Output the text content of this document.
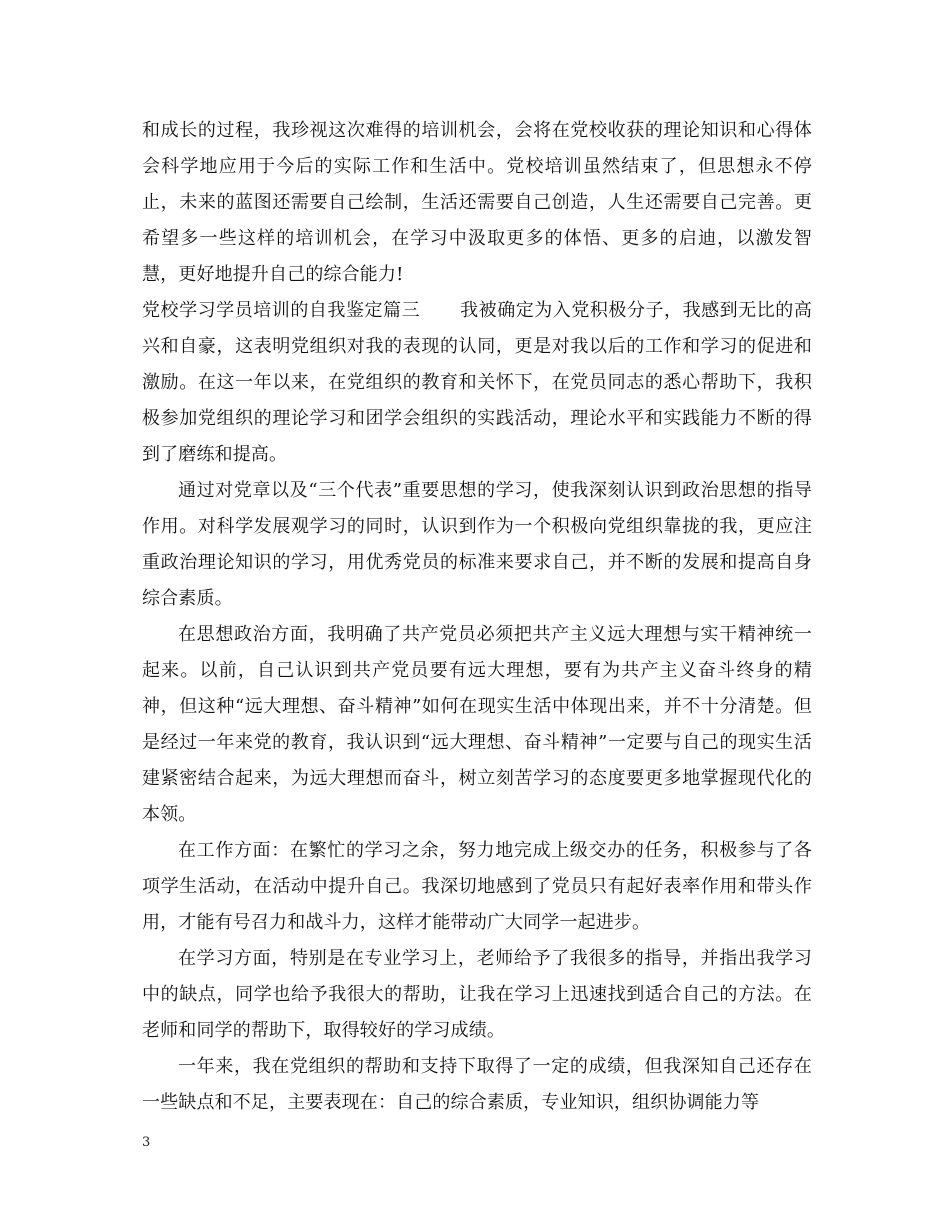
和成长的过程，我珍视这次难得的培训机会，会将在党校收获的理论知识和心得体会科学地应用于今后的实际工作和生活中。党校培训虽然结束了，但思想永不停止，未来的蓝图还需要自己绘制，生活还需要自己创造，人生还需要自己完善。更希望多一些这样的培训机会，在学习中汲取更多的体悟、更多的启迪，以激发智慧，更好地提升自己的综合能力!

党校学习学员培训的自我鉴定篇三 我被确定为入党积极分子，我感到无比的高兴和自豪，这表明党组织对我的表现的认同，更是对我以后的工作和学习的促进和激励。在这一年以来，在党组织的教育和关怀下，在党员同志的悉心帮助下，我积极参加党组织的理论学习和团学会组织的实践活动，理论水平和实践能力不断的得到了磨练和提高。

通过对党章以及“三个代表”重要思想的学习，使我深刻认识到政治思想的指导作用。对科学发展观学习的同时，认识到作为一个积极向党组织靠拢的我，更应注重政治理论知识的学习，用优秀党员的标准来要求自己，并不断的发展和提高自身综合素质。

在思想政治方面，我明确了共产党员必须把共产主义远大理想与实干精神统一起来。以前，自己认识到共产党员要有远大理想，要有为共产主义奋斗终身的精神，但这种“远大理想、奋斗精神”如何在现实生活中体现出来，并不十分清楚。但是经过一年来党的教育，我认识到“远大理想、奋斗精神”一定要与自己的现实生活建紧密结合起来，为远大理想而奋斗，树立刻苦学习的态度要更多地掌握现代化的本领。

在工作方面：在繁忙的学习之余，努力地完成上级交办的任务，积极参与了各项学生活动，在活动中提升自己。我深切地感到了党员只有起好表率作用和带头作用，才能有号召力和战斗力，这样才能带动广大同学一起进步。

在学习方面，特别是在专业学习上，老师给予了我很多的指导，并指出我学习中的缺点，同学也给予我很大的帮助，让我在学习上迅速找到适合自己的方法。在老师和同学的帮助下，取得较好的学习成绩。

一年来，我在党组织的帮助和支持下取得了一定的成绩，但我深知自己还存在一些缺点和不足，主要表现在：自己的综合素质，专业知识，组织协调能力等

3
